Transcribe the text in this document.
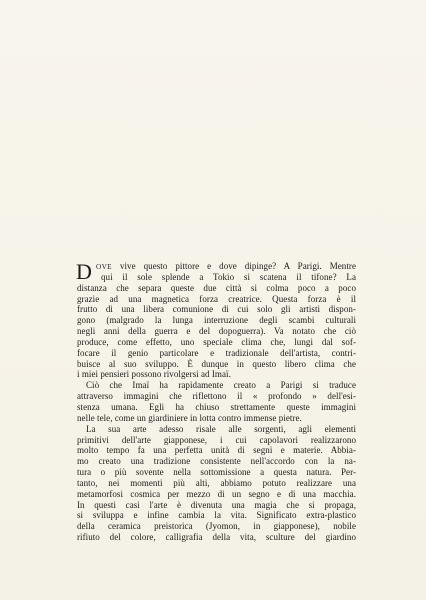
D OVE vive questo pittore e dove dipinge? A Parigi. Mentre
qui il sole splende a Tokio si scatena il tifone? La
distanza che separa queste due città si colma poco a poco
grazie ad una magnetica forza creatrice. Questa forza è il
frutto di una libera comunione di cui solo gli artisti dispon-
gono (malgrado la lunga interruzione degli scambi culturali
negli anni della guerra e del dopoguerra). Va notato che ciò
produce, come effetto, uno speciale clima che, lungi dal sof-
focare il genio particolare e tradizionale dell'artista, contri-
buisce al suo sviluppo. È dunque in questo libero clima che
i miei pensieri possono rivolgersi ad Imaï.
Ciò che Imaï ha rapidamente creato a Parigi si traduce
attraverso immagini che riflettono il « profondo » dell'esi-
stenza umana. Egli ha chiuso strettamente queste immagini
nelle tele, come un giardiniere in lotta contro immense pietre.
La sua arte adesso risale alle sorgenti, agli elementi
primitivi dell'arte giapponese, i cui capolavori realizzarono
molto tempo fa una perfetta unità di segni e materie. Abbia-
mo creato una tradizione consistente nell'accordo con la na-
tura o più sovente nella sottomissione a questa natura. Per-
tanto, nei momenti più alti, abbiamo potuto realizzare una
metamorfosi cosmica per mezzo di un segno e di una macchia.
In questi casi l'arte è divenuta una magia che si propaga,
si sviluppa e infine cambia la vita. Significato extra-plastico
della ceramica preistorica (Jyomon, in giapponese), nobile
rifiuto del colore, calligrafia della vita, sculture del giardino
